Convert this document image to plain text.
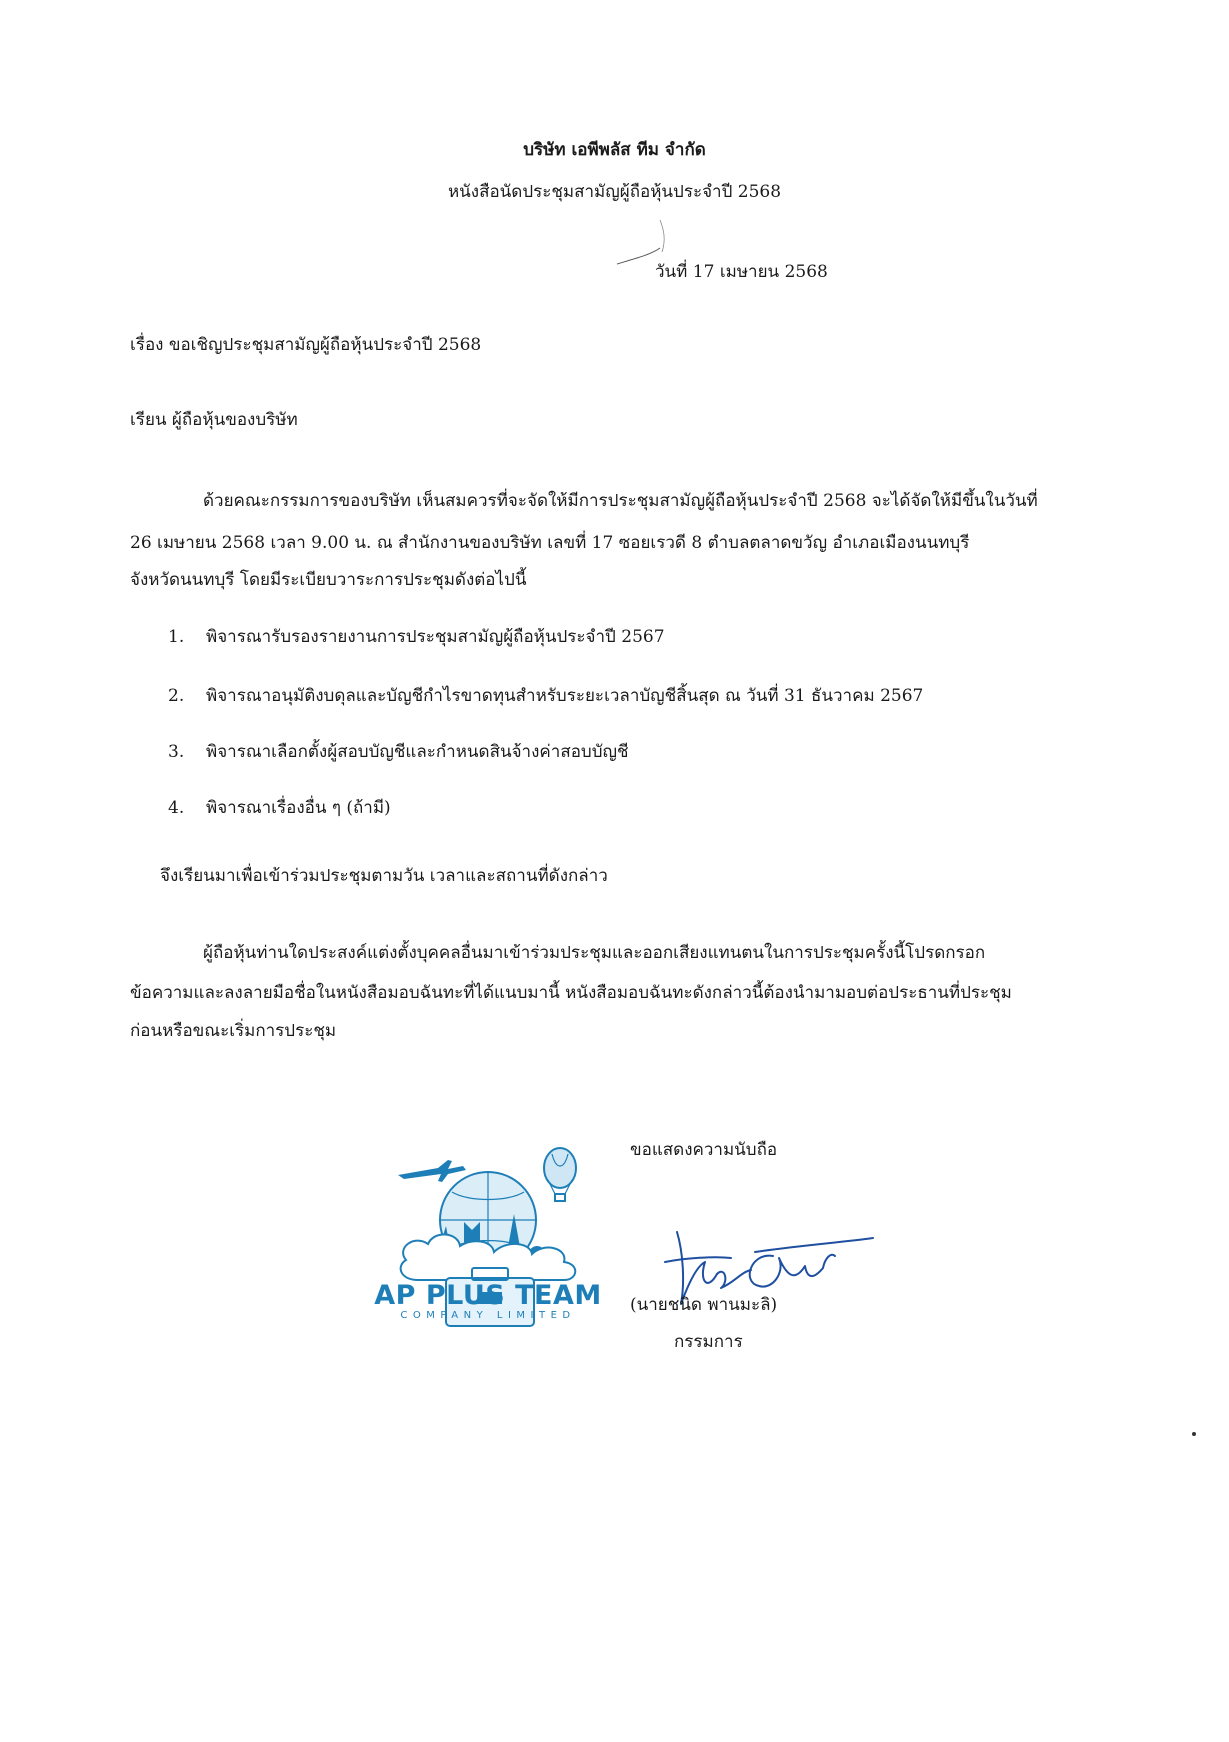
บริษัท เอพีพลัส ทีม จำกัด
หนังสือนัดประชุมสามัญผู้ถือหุ้นประจำปี 2568
วันที่ 17 เมษายน 2568
เรื่อง ขอเชิญประชุมสามัญผู้ถือหุ้นประจำปี 2568
เรียน ผู้ถือหุ้นของบริษัท
ด้วยคณะกรรมการของบริษัท เห็นสมควรที่จะจัดให้มีการประชุมสามัญผู้ถือหุ้นประจำปี 2568 จะได้จัดให้มีขึ้นในวันที่
26 เมษายน 2568 เวลา 9.00 น. ณ สำนักงานของบริษัท เลขที่ 17 ซอยเรวดี 8 ตำบลตลาดขวัญ อำเภอเมืองนนทบุรี
จังหวัดนนทบุรี โดยมีระเบียบวาระการประชุมดังต่อไปนี้
1. พิจารณารับรองรายงานการประชุมสามัญผู้ถือหุ้นประจำปี 2567
2. พิจารณาอนุมัติงบดุลและบัญชีกำไรขาดทุนสำหรับระยะเวลาบัญชีสิ้นสุด ณ วันที่ 31 ธันวาคม 2567
3. พิจารณาเลือกตั้งผู้สอบบัญชีและกำหนดสินจ้างค่าสอบบัญชี
4. พิจารณาเรื่องอื่น ๆ (ถ้ามี)
จึงเรียนมาเพื่อเข้าร่วมประชุมตามวัน เวลาและสถานที่ดังกล่าว
ผู้ถือหุ้นท่านใดประสงค์แต่งตั้งบุคคลอื่นมาเข้าร่วมประชุมและออกเสียงแทนตนในการประชุมครั้งนี้โปรดกรอก
ข้อความและลงลายมือชื่อในหนังสือมอบฉันทะที่ได้แนบมานี้ หนังสือมอบฉันทะดังกล่าวนี้ต้องนำมามอบต่อประธานที่ประชุม
ก่อนหรือขณะเริ่มการประชุม
ขอแสดงความนับถือ
AP PLUS TEAM
COMPANY LIMITED
(นายชนิด พานมะลิ)
กรรมการ
